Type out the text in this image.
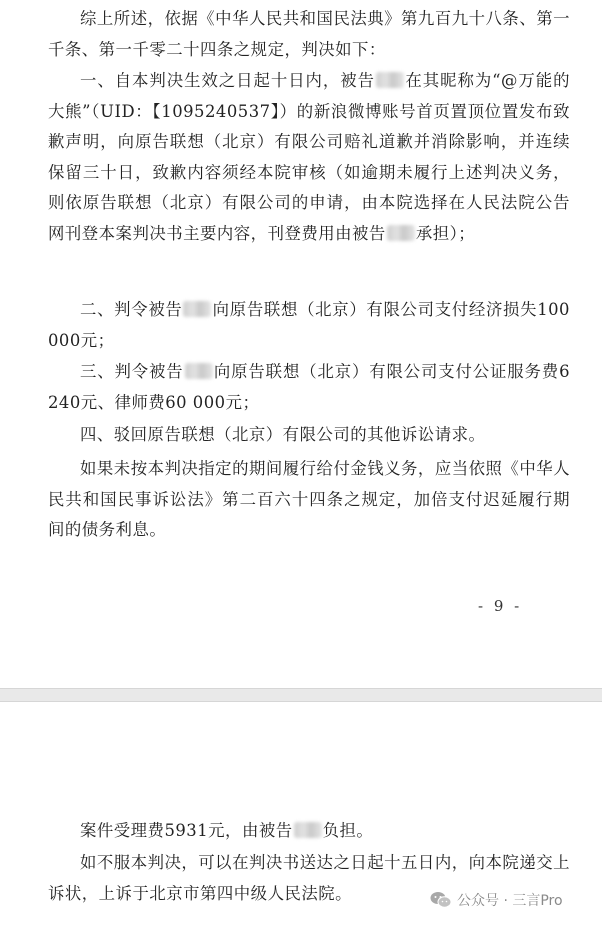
综上所述，依据《中华人民共和国民法典》第九百九十八条、第一千条、第一千零二十四条之规定，判决如下：

一、自本判决生效之日起十日内，被告 在其昵称为“@万能的大熊”（UID：【1095240537】）的新浪微博账号首页置顶位置发布致歉声明，向原告联想（北京）有限公司赔礼道歉并消除影响，并连续保留三十日，致歉内容须经本院审核（如逾期未履行上述判决义务，则依原告联想（北京）有限公司的申请，由本院选择在人民法院公告网刊登本案判决书主要内容，刊登费用由被告 承担）；

二、判令被告 向原告联想（北京）有限公司支付经济损失100 000元；

三、判令被告 向原告联想（北京）有限公司支付公证服务费6240元、律师费60 000元；

四、驳回原告联想（北京）有限公司的其他诉讼请求。

如果未按本判决指定的期间履行给付金钱义务，应当依照《中华人民共和国民事诉讼法》第二百六十四条之规定，加倍支付迟延履行期间的债务利息。

- 9 -

案件受理费5931元，由被告 负担。

如不服本判决，可以在判决书送达之日起十五日内，向本院递交上诉状，上诉于北京市第四中级人民法院。	公众号 · 三言Pro
